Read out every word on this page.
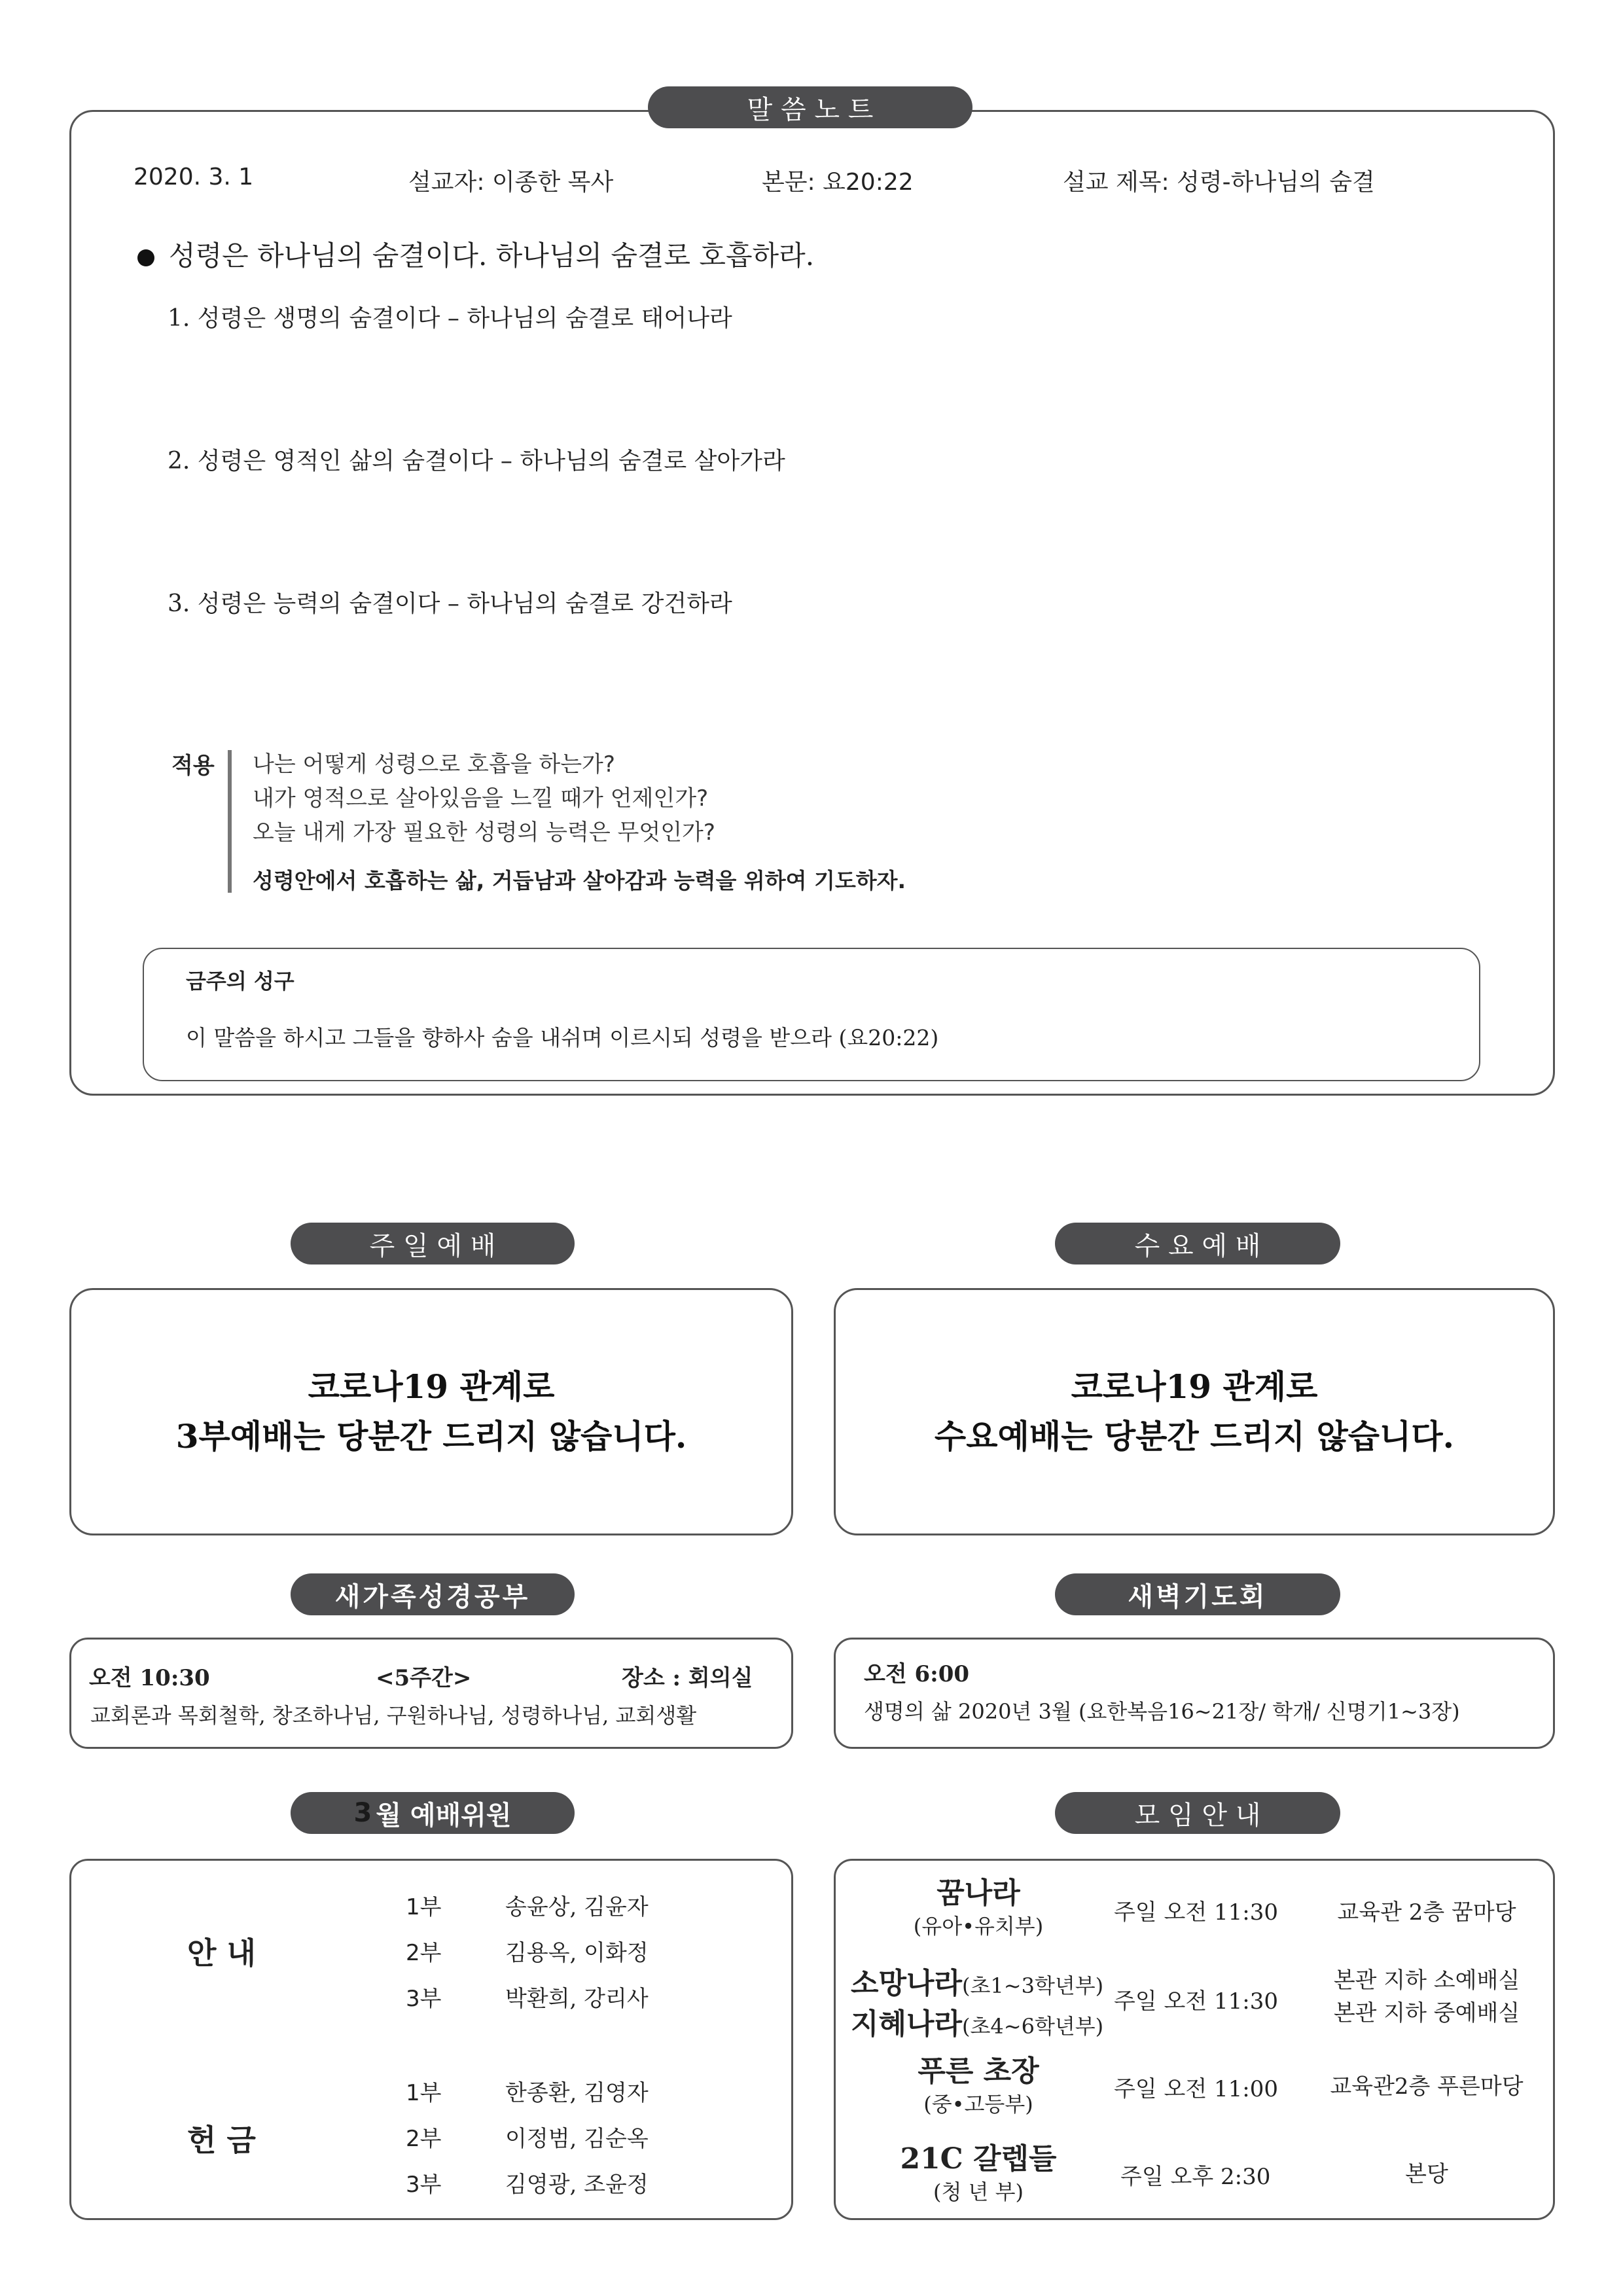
말 씀 노 트
2020. 3. 1	설교자: 이종한 목사	본문: 요20:22	설교 제목: 성령-하나님의 숨결
성령은 하나님의 숨결이다. 하나님의 숨결로 호흡하라.
1. 성령은 생명의 숨결이다 – 하나님의 숨결로 태어나라
2. 성령은 영적인 삶의 숨결이다 – 하나님의 숨결로 살아가라
3. 성령은 능력의 숨결이다 – 하나님의 숨결로 강건하라
적용 나는 어떻게 성령으로 호흡을 하는가?
내가 영적으로 살아있음을 느낄 때가 언제인가?
오늘 내게 가장 필요한 성령의 능력은 무엇인가?
성령안에서 호흡하는 삶, 거듭남과 살아감과 능력을 위하여 기도하자.
금주의 성구
이 말씀을 하시고 그들을 향하사 숨을 내쉬며 이르시되 성령을 받으라 (요20:22)
코로나19 관계로
3부예배는 당분간 드리지 않습니다.
주 일 예 배
코로나19 관계로
수요예배는 당분간 드리지 않습니다.
수 요 예 배
새가족성경공부
오전 10:30	<5주간>	장소 : 회의실
교회론과 목회철학, 창조하나님, 구원하나님, 성령하나님, 교회생활
새벽기도회
오전 6:00
생명의 삶 2020년 3월 (요한복음16~21장/ 학개/ 신명기1~3장)
3 월 예배위원
안 내
1부	송윤상, 김윤자
2부	김용옥, 이화정
3부	박환희, 강리사
헌 금
1부	한종환, 김영자
2부	이정범, 김순옥
3부	김영광, 조윤정
모 임 안 내
꿈나라
(유아•유치부)
주일 오전 11:30	교육관 2층 꿈마당
소망나라(초1~3학년부)
지혜나라(초4~6학년부)
주일 오전 11:30
본관 지하 소예배실
본관 지하 중예배실
푸른 초장
(중•고등부)
주일 오전 11:00	교육관2층 푸른마당
21C 갈렙들
(청 년 부)
주일 오후 2:30	본당
